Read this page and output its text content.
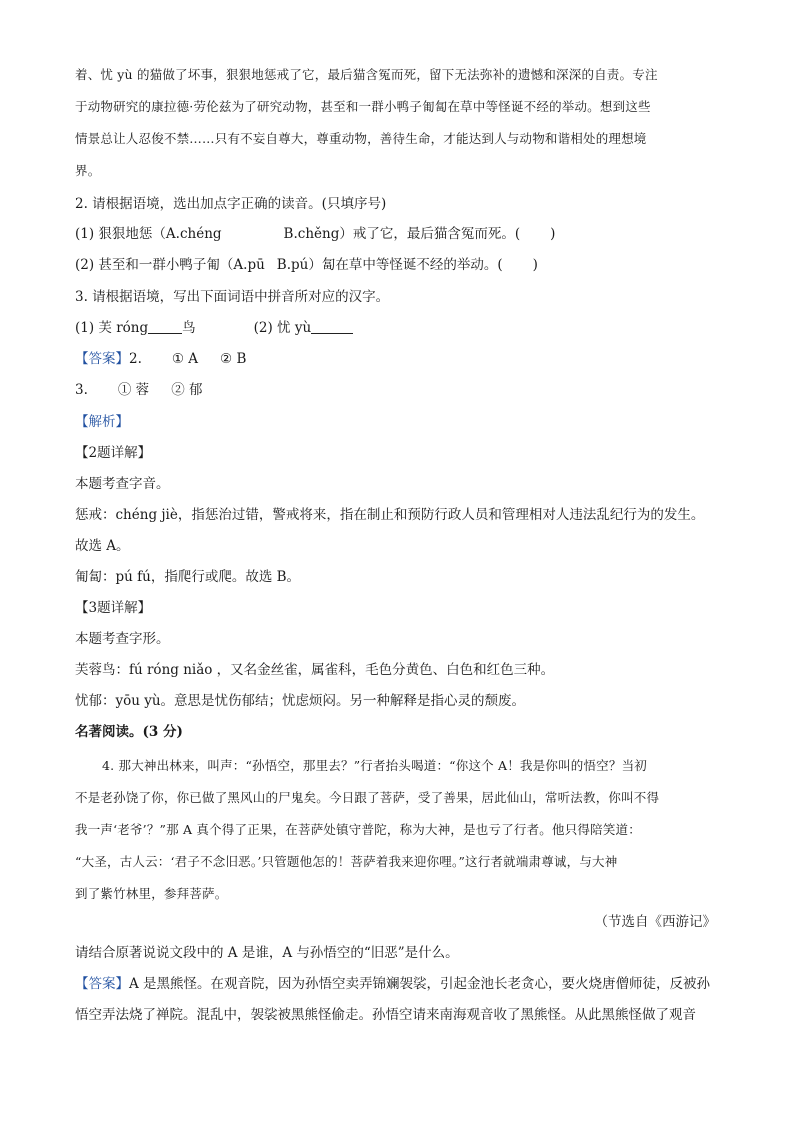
着、忧 yù 的猫做了坏事，狠狠地惩戒了它，最后猫含冤而死，留下无法弥补的遗憾和深深的自责。专注
于动物研究的康拉德·劳伦兹为了研究动物，甚至和一群小鸭子匍匐在草中等怪诞不经的举动。想到这些
情景总让人忍俊不禁……只有不妄自尊大，尊重动物，善待生命，才能达到人与动物和谐相处的理想境
界。
2. 请根据语境，选出加点字正确的读音。(只填序号)
(1) 狠狠地惩（A.chéng	B.chěng）戒了它，最后猫含冤而死。( )
(2) 甚至和一群小鸭子匍（A.pū B.pú）匐在草中等怪诞不经的举动。( )
3. 请根据语境，写出下面词语中拼音所对应的汉字。
(1) 芙 róng	鸟	(2) 忧 yù
【答案】2. ① A ② B
3. ① 蓉 ② 郁
【解析】
【2题详解】
本题考查字音。
惩戒：chéng jiè，指惩治过错，警戒将来，指在制止和预防行政人员和管理相对人违法乱纪行为的发生。
故选 A。
匍匐：pú fú，指爬行或爬。故选 B。
【3题详解】
本题考查字形。
芙蓉鸟：fú róng niǎo ，又名金丝雀，属雀科，毛色分黄色、白色和红色三种。
忧郁：yōu yù。意思是忧伤郁结；忧虑烦闷。另一种解释是指心灵的颓废。
名著阅读。(3 分)
4. 那大神出林来，叫声：“孙悟空，那里去？”行者抬头喝道：“你这个 A！我是你叫的悟空？当初
不是老孙饶了你，你已做了黑风山的尸鬼矣。今日跟了菩萨，受了善果，居此仙山，常听法教，你叫不得
我一声‘老爷’？”那 A 真个得了正果，在菩萨处镇守普陀，称为大神，是也亏了行者。他只得陪笑道：
“大圣，古人云：‘君子不念旧恶。’只管题他怎的！菩萨着我来迎你哩。”这行者就端肃尊诚，与大神
到了紫竹林里，参拜菩萨。
（节选自《西游记》
请结合原著说说文段中的 A 是谁，A 与孙悟空的“旧恶”是什么。
【答案】A 是黑熊怪。在观音院，因为孙悟空卖弄锦斓袈裟，引起金池长老贪心，要火烧唐僧师徒，反被孙
悟空弄法烧了禅院。混乱中，袈裟被黑熊怪偷走。孙悟空请来南海观音收了黑熊怪。从此黑熊怪做了观音
